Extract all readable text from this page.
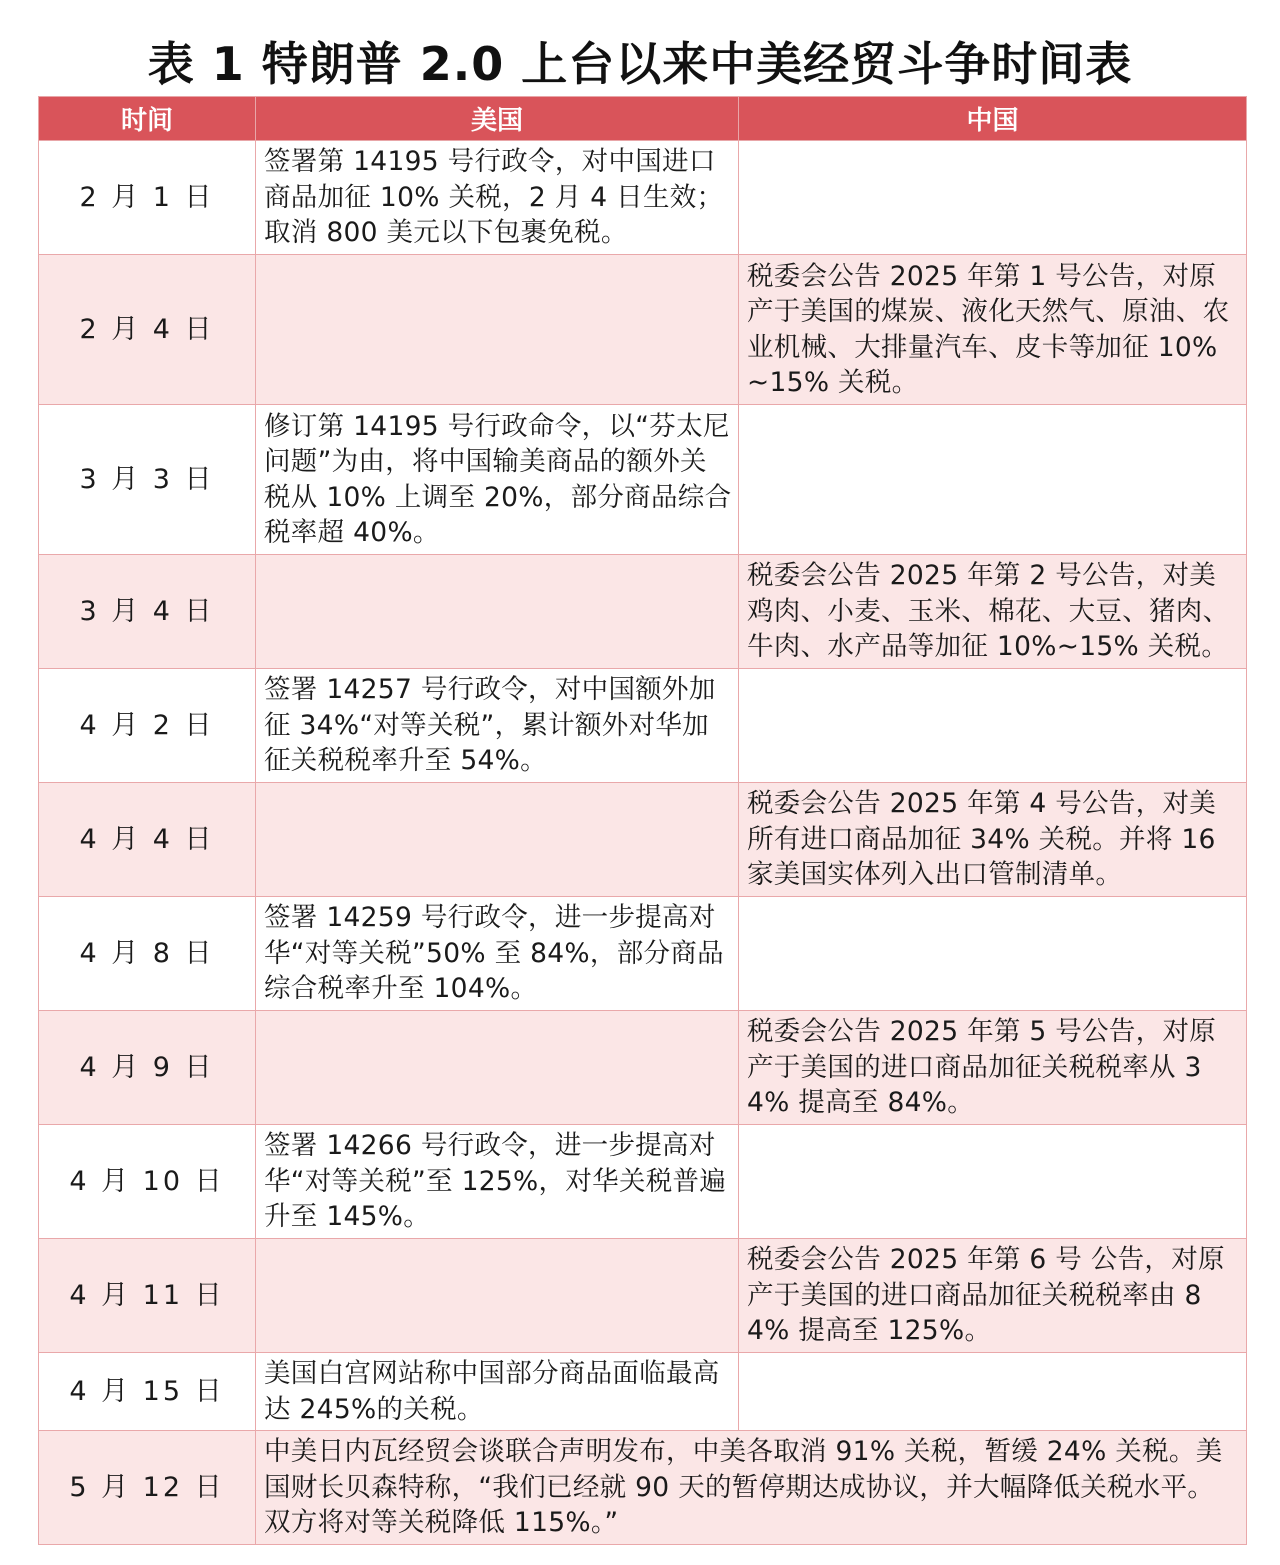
表 1 特朗普 2.0 上台以来中美经贸斗争时间表
时间	美国	中国
2 月 1 日	签署第 14195 号行政令，对中国进口商品加征 10% 关税，2 月 4 日生效；取消 800 美元以下包裹免税。	
2 月 4 日		税委会公告 2025 年第 1 号公告，对原产于美国的煤炭、液化天然气、原油、农业机械、大排量汽车、皮卡等加征 10%~15% 关税。
3 月 3 日	修订第 14195 号行政命令，以“芬太尼问题”为由，将中国输美商品的额外关税从 10% 上调至 20%，部分商品综合税率超 40%。	
3 月 4 日		税委会公告 2025 年第 2 号公告，对美鸡肉、小麦、玉米、棉花、大豆、猪肉、牛肉、水产品等加征 10%~15% 关税。
4 月 2 日	签署 14257 号行政令，对中国额外加征 34%“对等关税”，累计额外对华加征关税税率升至 54%。	
4 月 4 日		税委会公告 2025 年第 4 号公告，对美所有进口商品加征 34% 关税。并将 16 家美国实体列入出口管制清单。
4 月 8 日	签署 14259 号行政令，进一步提高对华“对等关税”50% 至 84%，部分商品综合税率升至 104%。	
4 月 9 日		税委会公告 2025 年第 5 号公告，对原产于美国的进口商品加征关税税率从 34% 提高至 84%。
4 月 10 日	签署 14266 号行政令，进一步提高对华“对等关税”至 125%，对华关税普遍升至 145%。	
4 月 11 日		税委会公告 2025 年第 6 号 公告，对原产于美国的进口商品加征关税税率由 84% 提高至 125%。
4 月 15 日	美国白宫网站称中国部分商品面临最高达 245%的关税。	
5 月 12 日	中美日内瓦经贸会谈联合声明发布，中美各取消 91% 关税，暂缓 24% 关税。美国财长贝森特称，“我们已经就 90 天的暂停期达成协议，并大幅降低关税水平。双方将对等关税降低 115%。”	
